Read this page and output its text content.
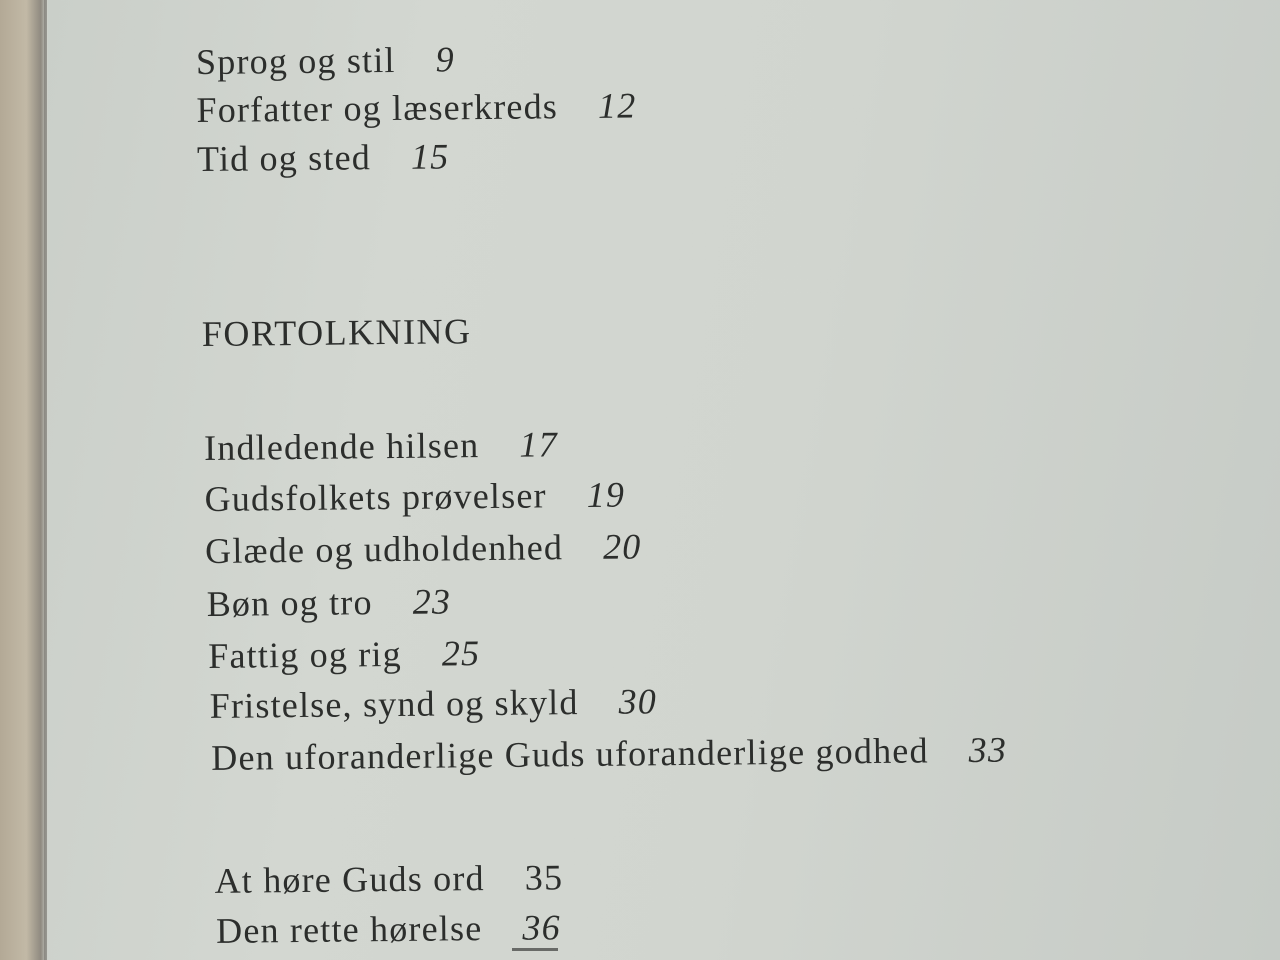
Sprog og stil 9
Forfatter og læserkreds 12
Tid og sted 15
FORTOLKNING
Indledende hilsen 17
Gudsfolkets prøvelser 19
Glæde og udholdenhed 20
Bøn og tro 23
Fattig og rig 25
Fristelse, synd og skyld 30
Den uforanderlige Guds uforanderlige godhed 33
At høre Guds ord 35
Den rette hørelse 36
